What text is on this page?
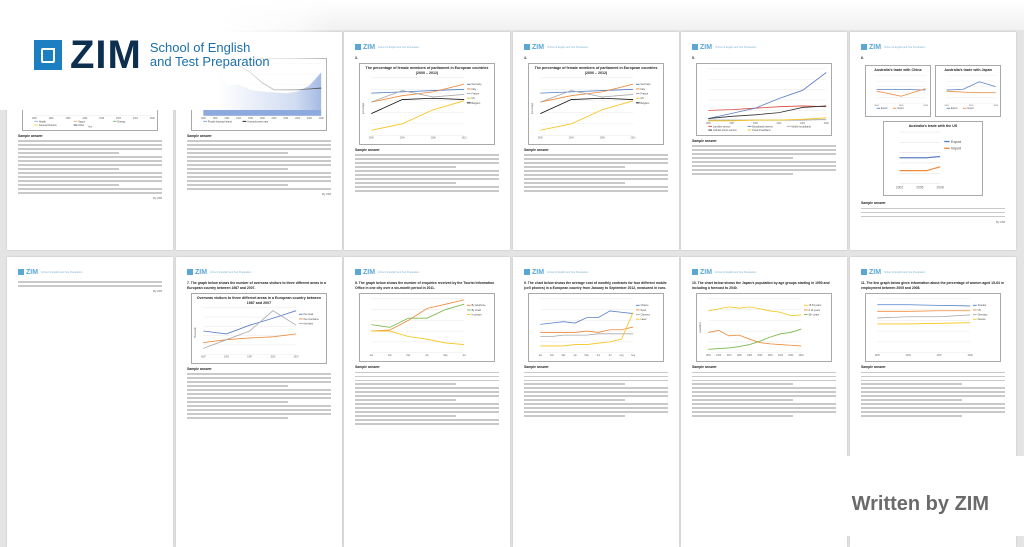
1980	1984	1988	1992	1996	2000	2004	2008
Health	Space	Energy
General Science	Other
Year
Sample answer
By ZIM
1988	1990	1992	1994	1996	1998	2000	2002	2004	2006	2008
People leaving Ireland	Unemployment rate
Sample answer
By ZIM
ZIM School of English and Test Preparation
3.
The percentage of female members of parliament in European countries (2000 – 2012)
2000	2004	2008	2012
Germany
Italy
France
UK
Belgium
percentage
Sample answer
ZIM School of English and Test Preparation
4.
The percentage of female members of parliament in European countries (2000 – 2012)
2000	2004	2008	2012
Germany
Italy
France
UK
Belgium
percentage
Sample answer
ZIM School of English and Test Preparation
5.
1995	1997	2000	2002	2004	2006
Landline service	Broadband internet	Mobile broadband
Cellular phone service	Fixed broadband
Sample answer
ZIM School of English and Test Preparation
6.
Australia's trade with China
2002	2005	2008
Export	Import
Australia's trade with Japan
2002	2005	2008
Export	Import
Australia's trade with the US
2002	2005	2008
Export
Import
Sample answer
By ZIM
ZIM School of English and Test Preparation
By ZIM
ZIM School of English and Test Preparation
7. The graph below shows the number of overseas visitors to three different areas in a European country between 1987 and 2007.
Overseas visitors to three different areas in a European country between 1987 and 2007
1987	1992	1997	2002	2007
the coast
the mountains
the lakes
Thousands
Sample answer
ZIM School of English and Test Preparation
8. The graph below shows the number of enquiries received by the Tourist Information Office in one city over a six-month period in 2011.
Jan	Feb	Mar	Apr	May	Jun
By telephone
By email
In person
Sample answer
ZIM School of English and Test Preparation
9. The chart below shows the average cost of monthly contracts for four different mobile (cell phones) in a European country from January to September 2012, measured in euro.
Jan	Feb	Mar	Apr	May	Jun	Jul	Aug	Sep
Chamo
Ryan
Chimera
Laser
Sample answer
ZIM School of English and Test Preparation
10. The chart below shows the Japan's population by age groups starting in 1950 and including a forecast to 2040.
1950	1960	1970	1980	1990	2000	2010	2020	2030	2040
15-64 years
0-14 years
65+ years
population
Sample answer
ZIM School of English and Test Preparation
11. The line graph below gives information about the percentage of women aged 15-64 in employment between 2005 and 2008.
2005	2006	2007	2008
Sweden
UK
Germany
Greece
Sample answer
ZIM School of English and Test Preparation
Written by ZIM
